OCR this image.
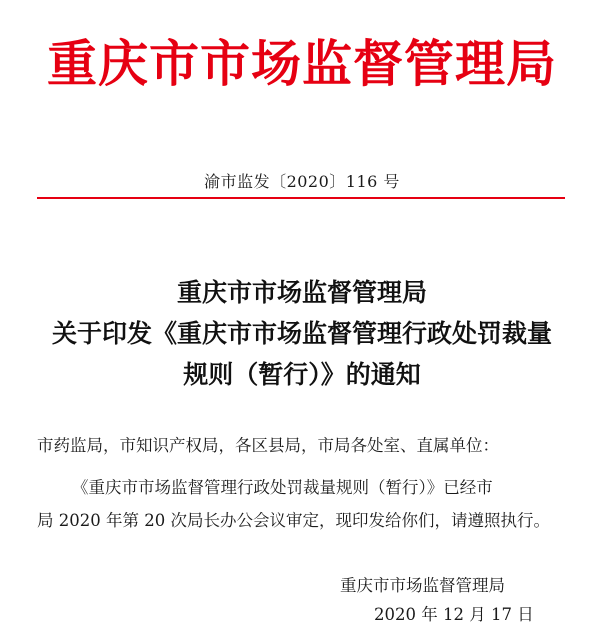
重庆市市场监督管理局
渝市监发〔2020〕116 号
重庆市市场监督管理局
关于印发《重庆市市场监督管理行政处罚裁量
规则（暂行）》的通知
市药监局，市知识产权局，各区县局，市局各处室、直属单位：
《重庆市市场监督管理行政处罚裁量规则（暂行）》已经市
局 2020 年第 20 次局长办公会议审定，现印发给你们，请遵照执行。
重庆市市场监督管理局
2020 年 12 月 17 日
